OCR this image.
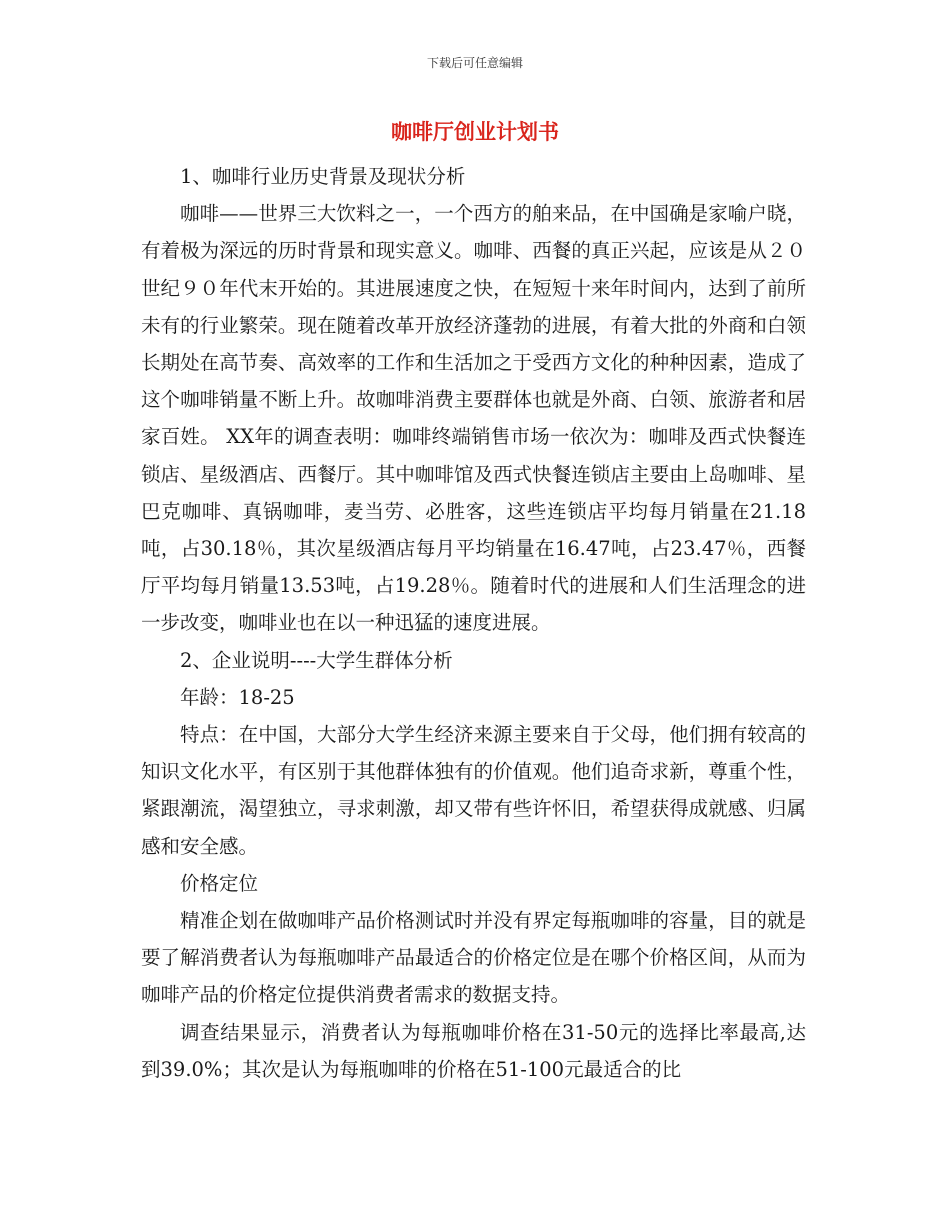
下载后可任意编辑
咖啡厅创业计划书

1、咖啡行业历史背景及现状分析

咖啡——世界三大饮料之一，一个西方的舶来品，在中国确是家喻户晓，有着极为深远的历时背景和现实意义。咖啡、西餐的真正兴起，应该是从２０世纪９０年代末开始的。其进展速度之快，在短短十来年时间内，达到了前所未有的行业繁荣。现在随着改革开放经济蓬勃的进展，有着大批的外商和白领长期处在高节奏、高效率的工作和生活加之于受西方文化的种种因素，造成了这个咖啡销量不断上升。故咖啡消费主要群体也就是外商、白领、旅游者和居家百姓。 XX年的调查表明：咖啡终端销售市场一依次为：咖啡及西式快餐连锁店、星级酒店、西餐厅。其中咖啡馆及西式快餐连锁店主要由上岛咖啡、星巴克咖啡、真锅咖啡，麦当劳、必胜客，这些连锁店平均每月销量在21.18吨，占30.18％，其次星级酒店每月平均销量在16.47吨，占23.47％，西餐厅平均每月销量13.53吨，占19.28％。随着时代的进展和人们生活理念的进一步改变，咖啡业也在以一种迅猛的速度进展。

2、企业说明----大学生群体分析

年龄：18-25

特点：在中国，大部分大学生经济来源主要来自于父母，他们拥有较高的知识文化水平，有区别于其他群体独有的价值观。他们追奇求新，尊重个性，紧跟潮流，渴望独立，寻求刺激，却又带有些许怀旧，希望获得成就感、归属感和安全感。

价格定位

精准企划在做咖啡产品价格测试时并没有界定每瓶咖啡的容量，目的就是要了解消费者认为每瓶咖啡产品最适合的价格定位是在哪个价格区间，从而为咖啡产品的价格定位提供消费者需求的数据支持。

调查结果显示，消费者认为每瓶咖啡价格在31-50元的选择比率最高,达到39.0%；其次是认为每瓶咖啡的价格在51-100元最适合的比
